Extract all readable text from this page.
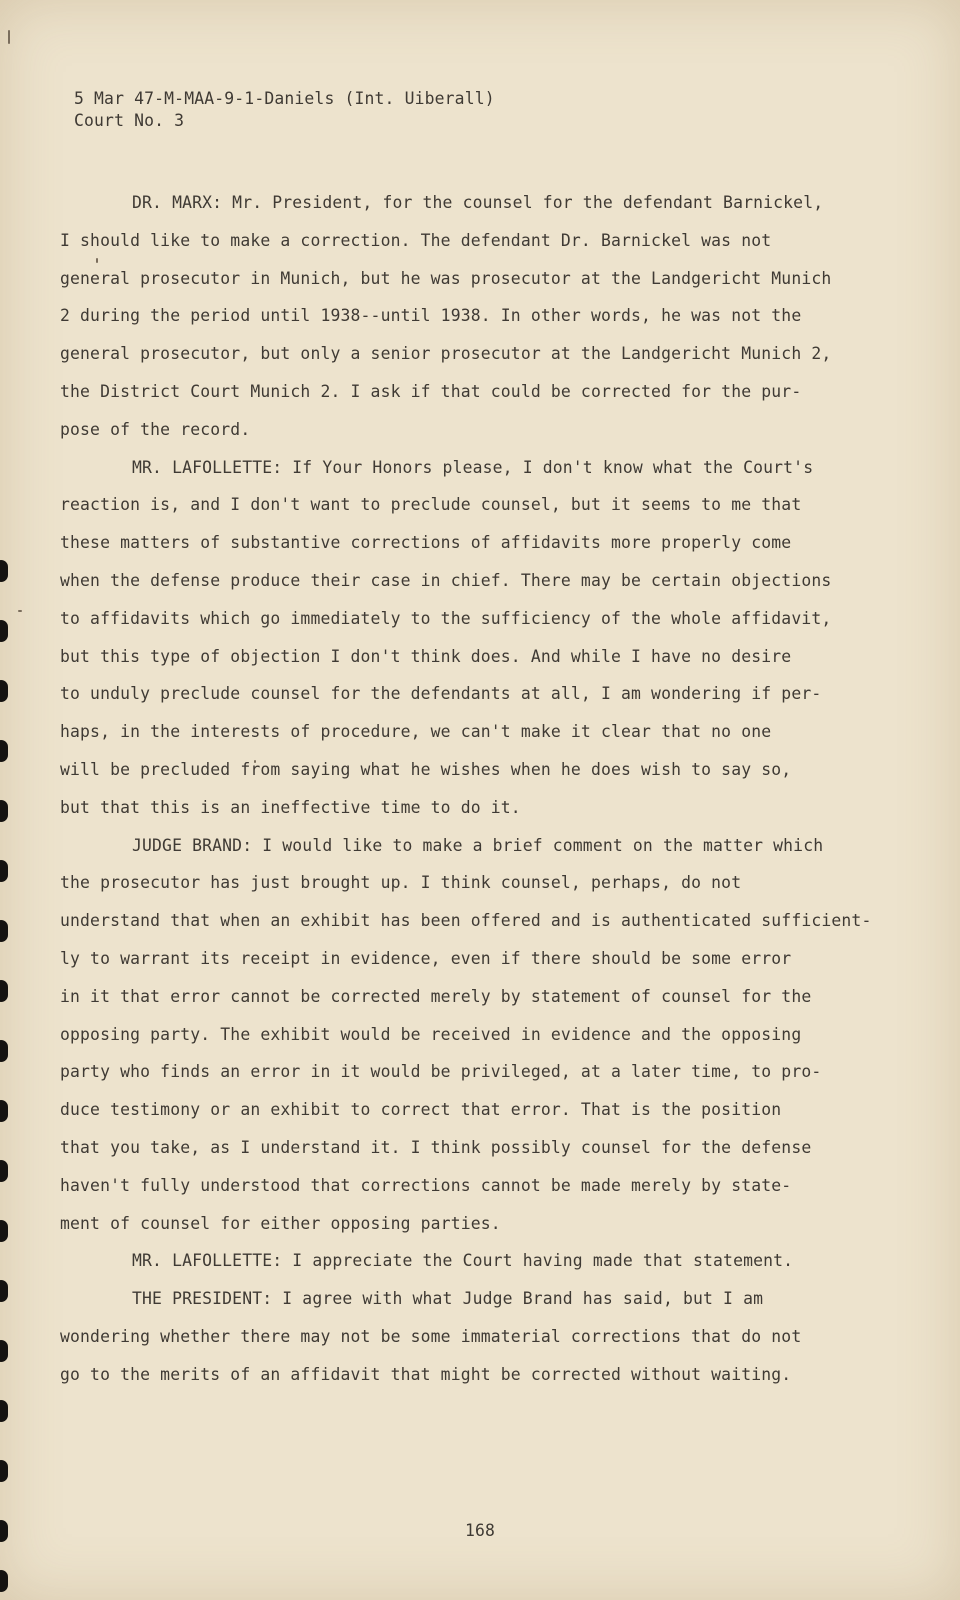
5 Mar 47-M-MAA-9-1-Daniels (Int. Uiberall)
Court No. 3
DR. MARX: Mr. President, for the counsel for the defendant Barnickel,
I should like to make a correction. The defendant Dr. Barnickel was not
general prosecutor in Munich, but he was prosecutor at the Landgericht Munich
2 during the period until 1938--until 1938. In other words, he was not the
general prosecutor, but only a senior prosecutor at the Landgericht Munich 2,
the District Court Munich 2. I ask if that could be corrected for the pur-
pose of the record.
MR. LAFOLLETTE: If Your Honors please, I don't know what the Court's
reaction is, and I don't want to preclude counsel, but it seems to me that
these matters of substantive corrections of affidavits more properly come
when the defense produce their case in chief. There may be certain objections
to affidavits which go immediately to the sufficiency of the whole affidavit,
but this type of objection I don't think does. And while I have no desire
to unduly preclude counsel for the defendants at all, I am wondering if per-
haps, in the interests of procedure, we can't make it clear that no one
will be precluded from saying what he wishes when he does wish to say so,
but that this is an ineffective time to do it.
JUDGE BRAND: I would like to make a brief comment on the matter which
the prosecutor has just brought up. I think counsel, perhaps, do not
understand that when an exhibit has been offered and is authenticated sufficient-
ly to warrant its receipt in evidence, even if there should be some error
in it that error cannot be corrected merely by statement of counsel for the
opposing party. The exhibit would be received in evidence and the opposing
party who finds an error in it would be privileged, at a later time, to pro-
duce testimony or an exhibit to correct that error. That is the position
that you take, as I understand it. I think possibly counsel for the defense
haven't fully understood that corrections cannot be made merely by state-
ment of counsel for either opposing parties.
MR. LAFOLLETTE: I appreciate the Court having made that statement.
THE PRESIDENT: I agree with what Judge Brand has said, but I am
wondering whether there may not be some immaterial corrections that do not
go to the merits of an affidavit that might be corrected without waiting.
168
